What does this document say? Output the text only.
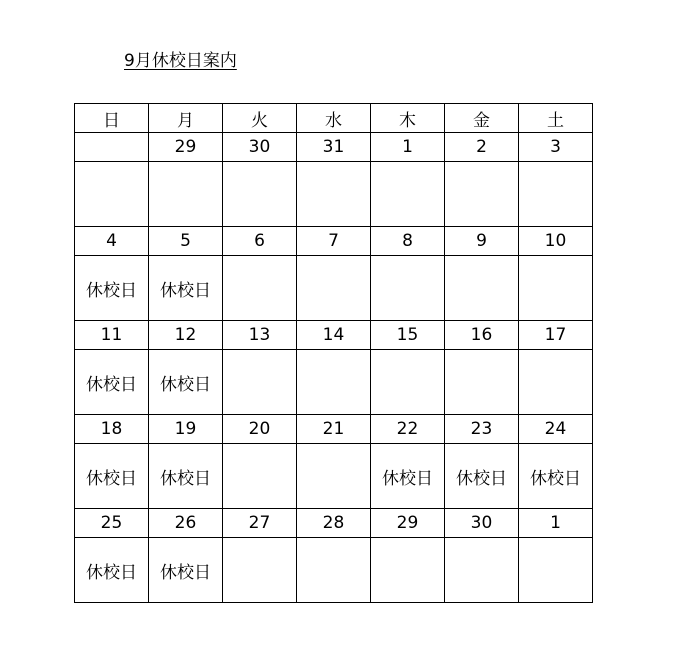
9月休校日案内
日	月	火	水	木	金	土
	29	30	31	1	2	3

4	5	6	7	8	9	10
休校日	休校日					
11	12	13	14	15	16	17
休校日	休校日					
18	19	20	21	22	23	24
休校日	休校日			休校日	休校日	休校日
25	26	27	28	29	30	1
休校日	休校日					
